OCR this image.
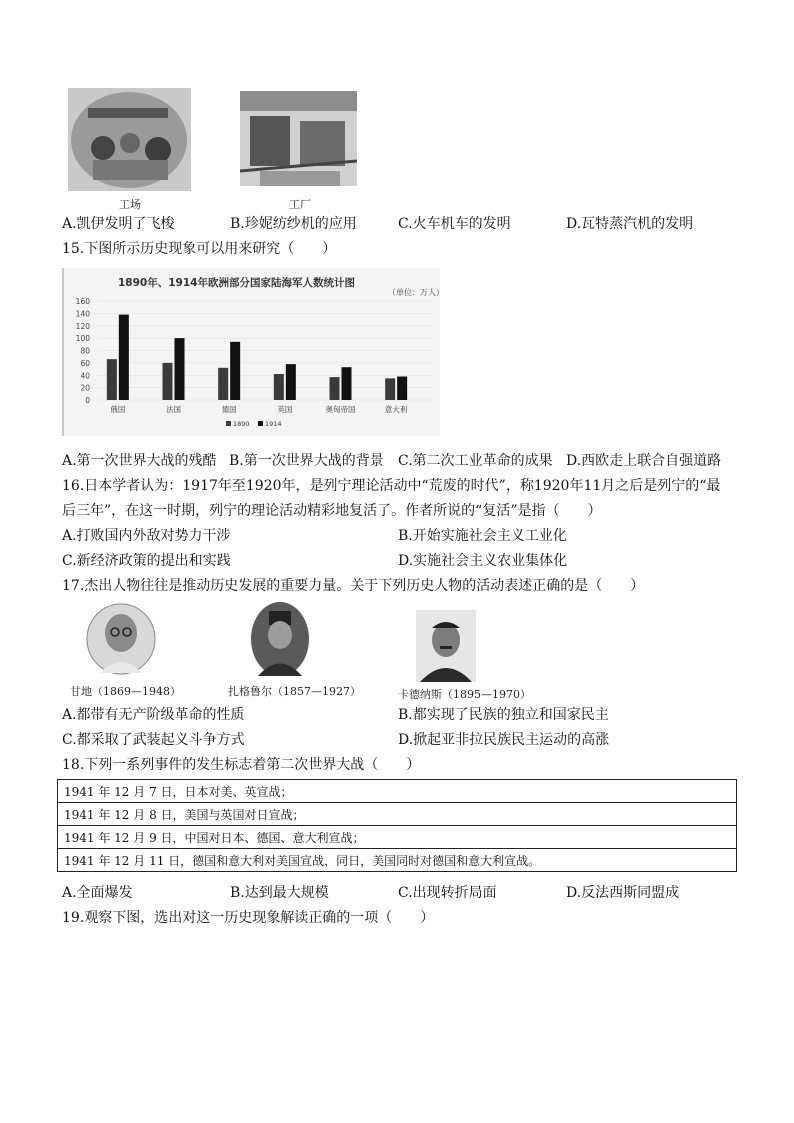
工场	工厂
A.凯伊发明了飞梭	B.珍妮纺纱机的应用	C.火车机车的发明	D.瓦特蒸汽机的发明
15.下图所示历史现象可以用来研究（　　）
1890年、1914年欧洲部分国家陆海军人数统计图
（单位：万人）
0
20
40
60
80
100
120
140
160
俄国	法国	德国	英国	奥匈帝国	意大利
1890 1914
A.第一次世界大战的残酷 B.第一次世界大战的背景 C.第二次工业革命的成果 D.西欧走上联合自强道路
16.日本学者认为：1917年至1920年，是列宁理论活动中“荒废的时代”，称1920年11月之后是列宁的“最
后三年”，在这一时期，列宁的理论活动精彩地复活了。作者所说的“复活”是指（　　）
A.打败国内外敌对势力干涉	B.开始实施社会主义工业化
C.新经济政策的提出和实践	D.实施社会主义农业集体化
17.杰出人物往往是推动历史发展的重要力量。关于下列历史人物的活动表述正确的是（　　）
甘地（1869—1948）	扎格鲁尔（1857—1927）	卡德纳斯（1895—1970）
A.都带有无产阶级革命的性质	B.都实现了民族的独立和国家民主
C.都采取了武装起义斗争方式	D.掀起亚非拉民族民主运动的高涨
18.下列一系列事件的发生标志着第二次世界大战（　　）
1941 年 12 月 7 日，日本对美、英宣战；
1941 年 12 月 8 日，美国与英国对日宣战；
1941 年 12 月 9 日，中国对日本、德国、意大利宣战；
1941 年 12 月 11 日，德国和意大利对美国宣战，同日，美国同时对德国和意大利宣战。
A.全面爆发	B.达到最大规模	C.出现转折局面	D.反法西斯同盟成
19.观察下图，选出对这一历史现象解读正确的一项（　　）
